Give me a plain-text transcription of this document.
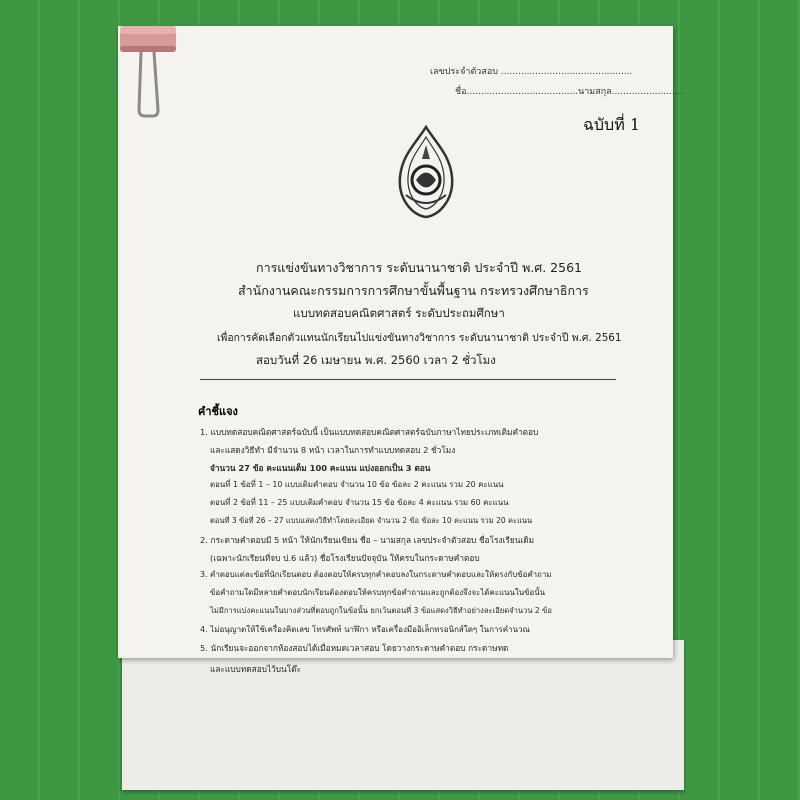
เลขประจำตัวสอบ ..............................................
ชื่อ.......................................นามสกุล.........................
ฉบับที่ 1
การแข่งขันทางวิชาการ ระดับนานาชาติ ประจำปี พ.ศ. 2561
สำนักงานคณะกรรมการการศึกษาขั้นพื้นฐาน กระทรวงศึกษาธิการ
แบบทดสอบคณิตศาสตร์ ระดับประถมศึกษา
เพื่อการคัดเลือกตัวแทนนักเรียนไปแข่งขันทางวิชาการ ระดับนานาชาติ ประจำปี พ.ศ. 2561
สอบวันที่ 26 เมษายน พ.ศ. 2560 เวลา 2 ชั่วโมง
คำชี้แจง
1. แบบทดสอบคณิตศาสตร์ฉบับนี้ เป็นแบบทดสอบคณิตศาสตร์ฉบับภาษาไทยประเภทเติมคำตอบ
และแสดงวิธีทำ มีจำนวน 8 หน้า เวลาในการทำแบบทดสอบ 2 ชั่วโมง
จำนวน 27 ข้อ คะแนนเต็ม 100 คะแนน แบ่งออกเป็น 3 ตอน
ตอนที่ 1 ข้อที่ 1 – 10 แบบเติมคำตอบ จำนวน 10 ข้อ ข้อละ 2 คะแนน รวม 20 คะแนน
ตอนที่ 2 ข้อที่ 11 – 25 แบบเติมคำตอบ จำนวน 15 ข้อ ข้อละ 4 คะแนน รวม 60 คะแนน
ตอนที่ 3 ข้อที่ 26 – 27 แบบแสดงวิธีทำโดยละเอียด จำนวน 2 ข้อ ข้อละ 10 คะแนน รวม 20 คะแนน
2. กระดาษคำตอบมี 5 หน้า ให้นักเรียนเขียน ชื่อ – นามสกุล เลขประจำตัวสอบ ชื่อโรงเรียนเดิม
(เฉพาะนักเรียนที่จบ ป.6 แล้ว) ชื่อโรงเรียนปัจจุบัน ให้ครบในกระดาษคำตอบ
3. คำตอบแต่ละข้อที่นักเรียนตอบ ต้องตอบให้ครบทุกคำตอบลงในกระดาษคำตอบและให้ตรงกับข้อคำถาม
ข้อคำถามใดมีหลายคำตอบนักเรียนต้องตอบให้ครบทุกข้อคำถามและถูกต้องจึงจะได้คะแนนในข้อนั้น
ไม่มีการแบ่งคะแนนในบางส่วนที่ตอบถูกในข้อนั้น ยกเว้นตอนที่ 3 ข้อแสดงวิธีทำอย่างละเอียดจำนวน 2 ข้อ
4. ไม่อนุญาตให้ใช้เครื่องคิดเลข โทรศัพท์ นาฬิกา หรือเครื่องมืออิเล็กทรอนิกส์ใดๆ ในการคำนวณ
5. นักเรียนจะออกจากห้องสอบได้เมื่อหมดเวลาสอบ โดยวางกระดาษคำตอบ กระดาษทด
และแบบทดสอบไว้บนโต๊ะ
